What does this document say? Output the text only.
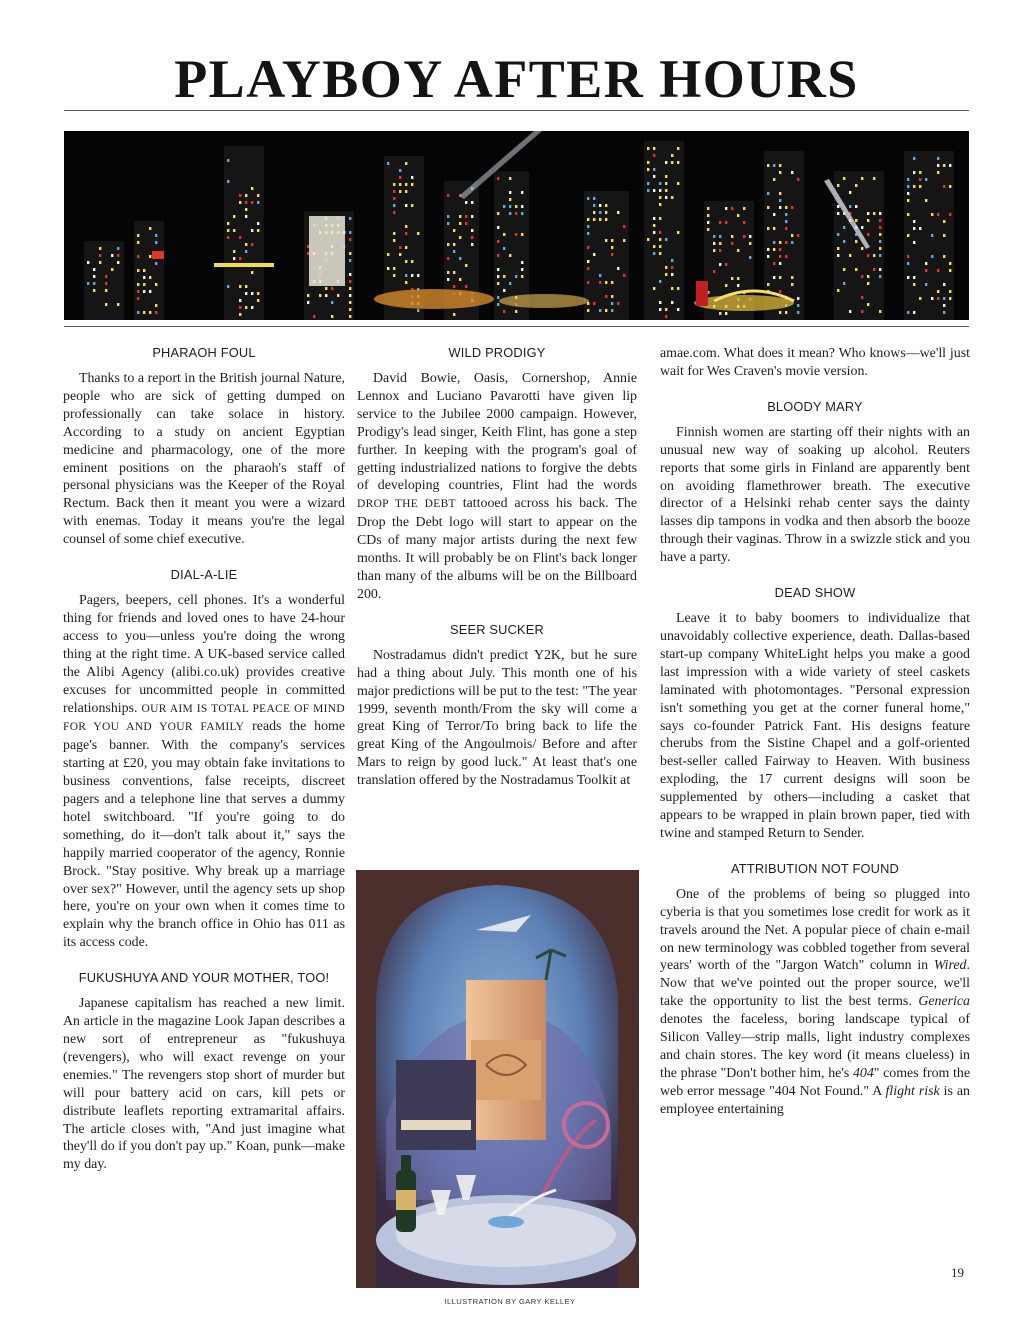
PLAYBOY AFTER HOURS
PHARAOH FOUL

Thanks to a report in the British journal Nature, people who are sick of getting dumped on professionally can take solace in history. According to a study on ancient Egyptian medicine and pharmacology, one of the more eminent positions on the pharaoh's staff of personal physicians was the Keeper of the Royal Rectum. Back then it meant you were a wizard with enemas. Today it means you're the legal counsel of some chief executive.

DIAL-A-LIE

Pagers, beepers, cell phones. It's a wonderful thing for friends and loved ones to have 24-hour access to you—unless you're doing the wrong thing at the right time. A UK-based service called the Alibi Agency (alibi.co.uk) provides creative excuses for uncommitted people in committed relationships. OUR AIM IS TOTAL PEACE OF MIND FOR YOU AND YOUR FAMILY reads the home page's banner. With the company's services starting at £20, you may obtain fake invitations to business conventions, false receipts, discreet pagers and a telephone line that serves a dummy hotel switchboard. "If you're going to do something, do it—don't talk about it," says the happily married cooperator of the agency, Ronnie Brock. "Stay positive. Why break up a marriage over sex?" However, until the agency sets up shop here, you're on your own when it comes time to explain why the branch office in Ohio has 011 as its access code.

FUKUSHUYA AND YOUR MOTHER, TOO!

Japanese capitalism has reached a new limit. An article in the magazine Look Japan describes a new sort of entrepreneur as "fukushuya (revengers), who will exact revenge on your enemies." The revengers stop short of murder but will pour battery acid on cars, kill pets or distribute leaflets reporting extramarital affairs. The article closes with, "And just imagine what they'll do if you don't pay up." Koan, punk—make my day.

WILD PRODIGY

David Bowie, Oasis, Cornershop, Annie Lennox and Luciano Pavarotti have given lip service to the Jubilee 2000 campaign. However, Prodigy's lead singer, Keith Flint, has gone a step further. In keeping with the program's goal of getting industrialized nations to forgive the debts of developing countries, Flint had the words DROP THE DEBT tattooed across his back. The Drop the Debt logo will start to appear on the CDs of many major artists during the next few months. It will probably be on Flint's back longer than many of the albums will be on the Billboard 200.

SEER SUCKER

Nostradamus didn't predict Y2K, but he sure had a thing about July. This month one of his major predictions will be put to the test: "The year 1999, seventh month/From the sky will come a great King of Terror/To bring back to life the great King of the Angoulmois/ Before and after Mars to reign by good luck." At least that's one translation offered by the Nostradamus Toolkit at

amae.com. What does it mean? Who knows—we'll just wait for Wes Craven's movie version.

BLOODY MARY

Finnish women are starting off their nights with an unusual new way of soaking up alcohol. Reuters reports that some girls in Finland are apparently bent on avoiding flamethrower breath. The executive director of a Helsinki rehab center says the dainty lasses dip tampons in vodka and then absorb the booze through their vaginas. Throw in a swizzle stick and you have a party.

DEAD SHOW

Leave it to baby boomers to individualize that unavoidably collective experience, death. Dallas-based start-up company WhiteLight helps you make a good last impression with a wide variety of steel caskets laminated with photomontages. "Personal expression isn't something you get at the corner funeral home," says co-founder Patrick Fant. His designs feature cherubs from the Sistine Chapel and a golf-oriented best-seller called Fairway to Heaven. With business exploding, the 17 current designs will soon be supplemented by others—including a casket that appears to be wrapped in plain brown paper, tied with twine and stamped Return to Sender.

ATTRIBUTION NOT FOUND

One of the problems of being so plugged into cyberia is that you sometimes lose credit for work as it travels around the Net. A popular piece of chain e-mail on new terminology was cobbled together from several years' worth of the "Jargon Watch" column in Wired. Now that we've pointed out the proper source, we'll take the opportunity to list the best terms. Generica denotes the faceless, boring landscape typical of Silicon Valley—strip malls, light industry complexes and chain stores. The key word (it means clueless) in the phrase "Don't bother him, he's 404" comes from the web error message "404 Not Found." A flight risk is an employee entertaining

19
ILLUSTRATION BY GARY KELLEY
